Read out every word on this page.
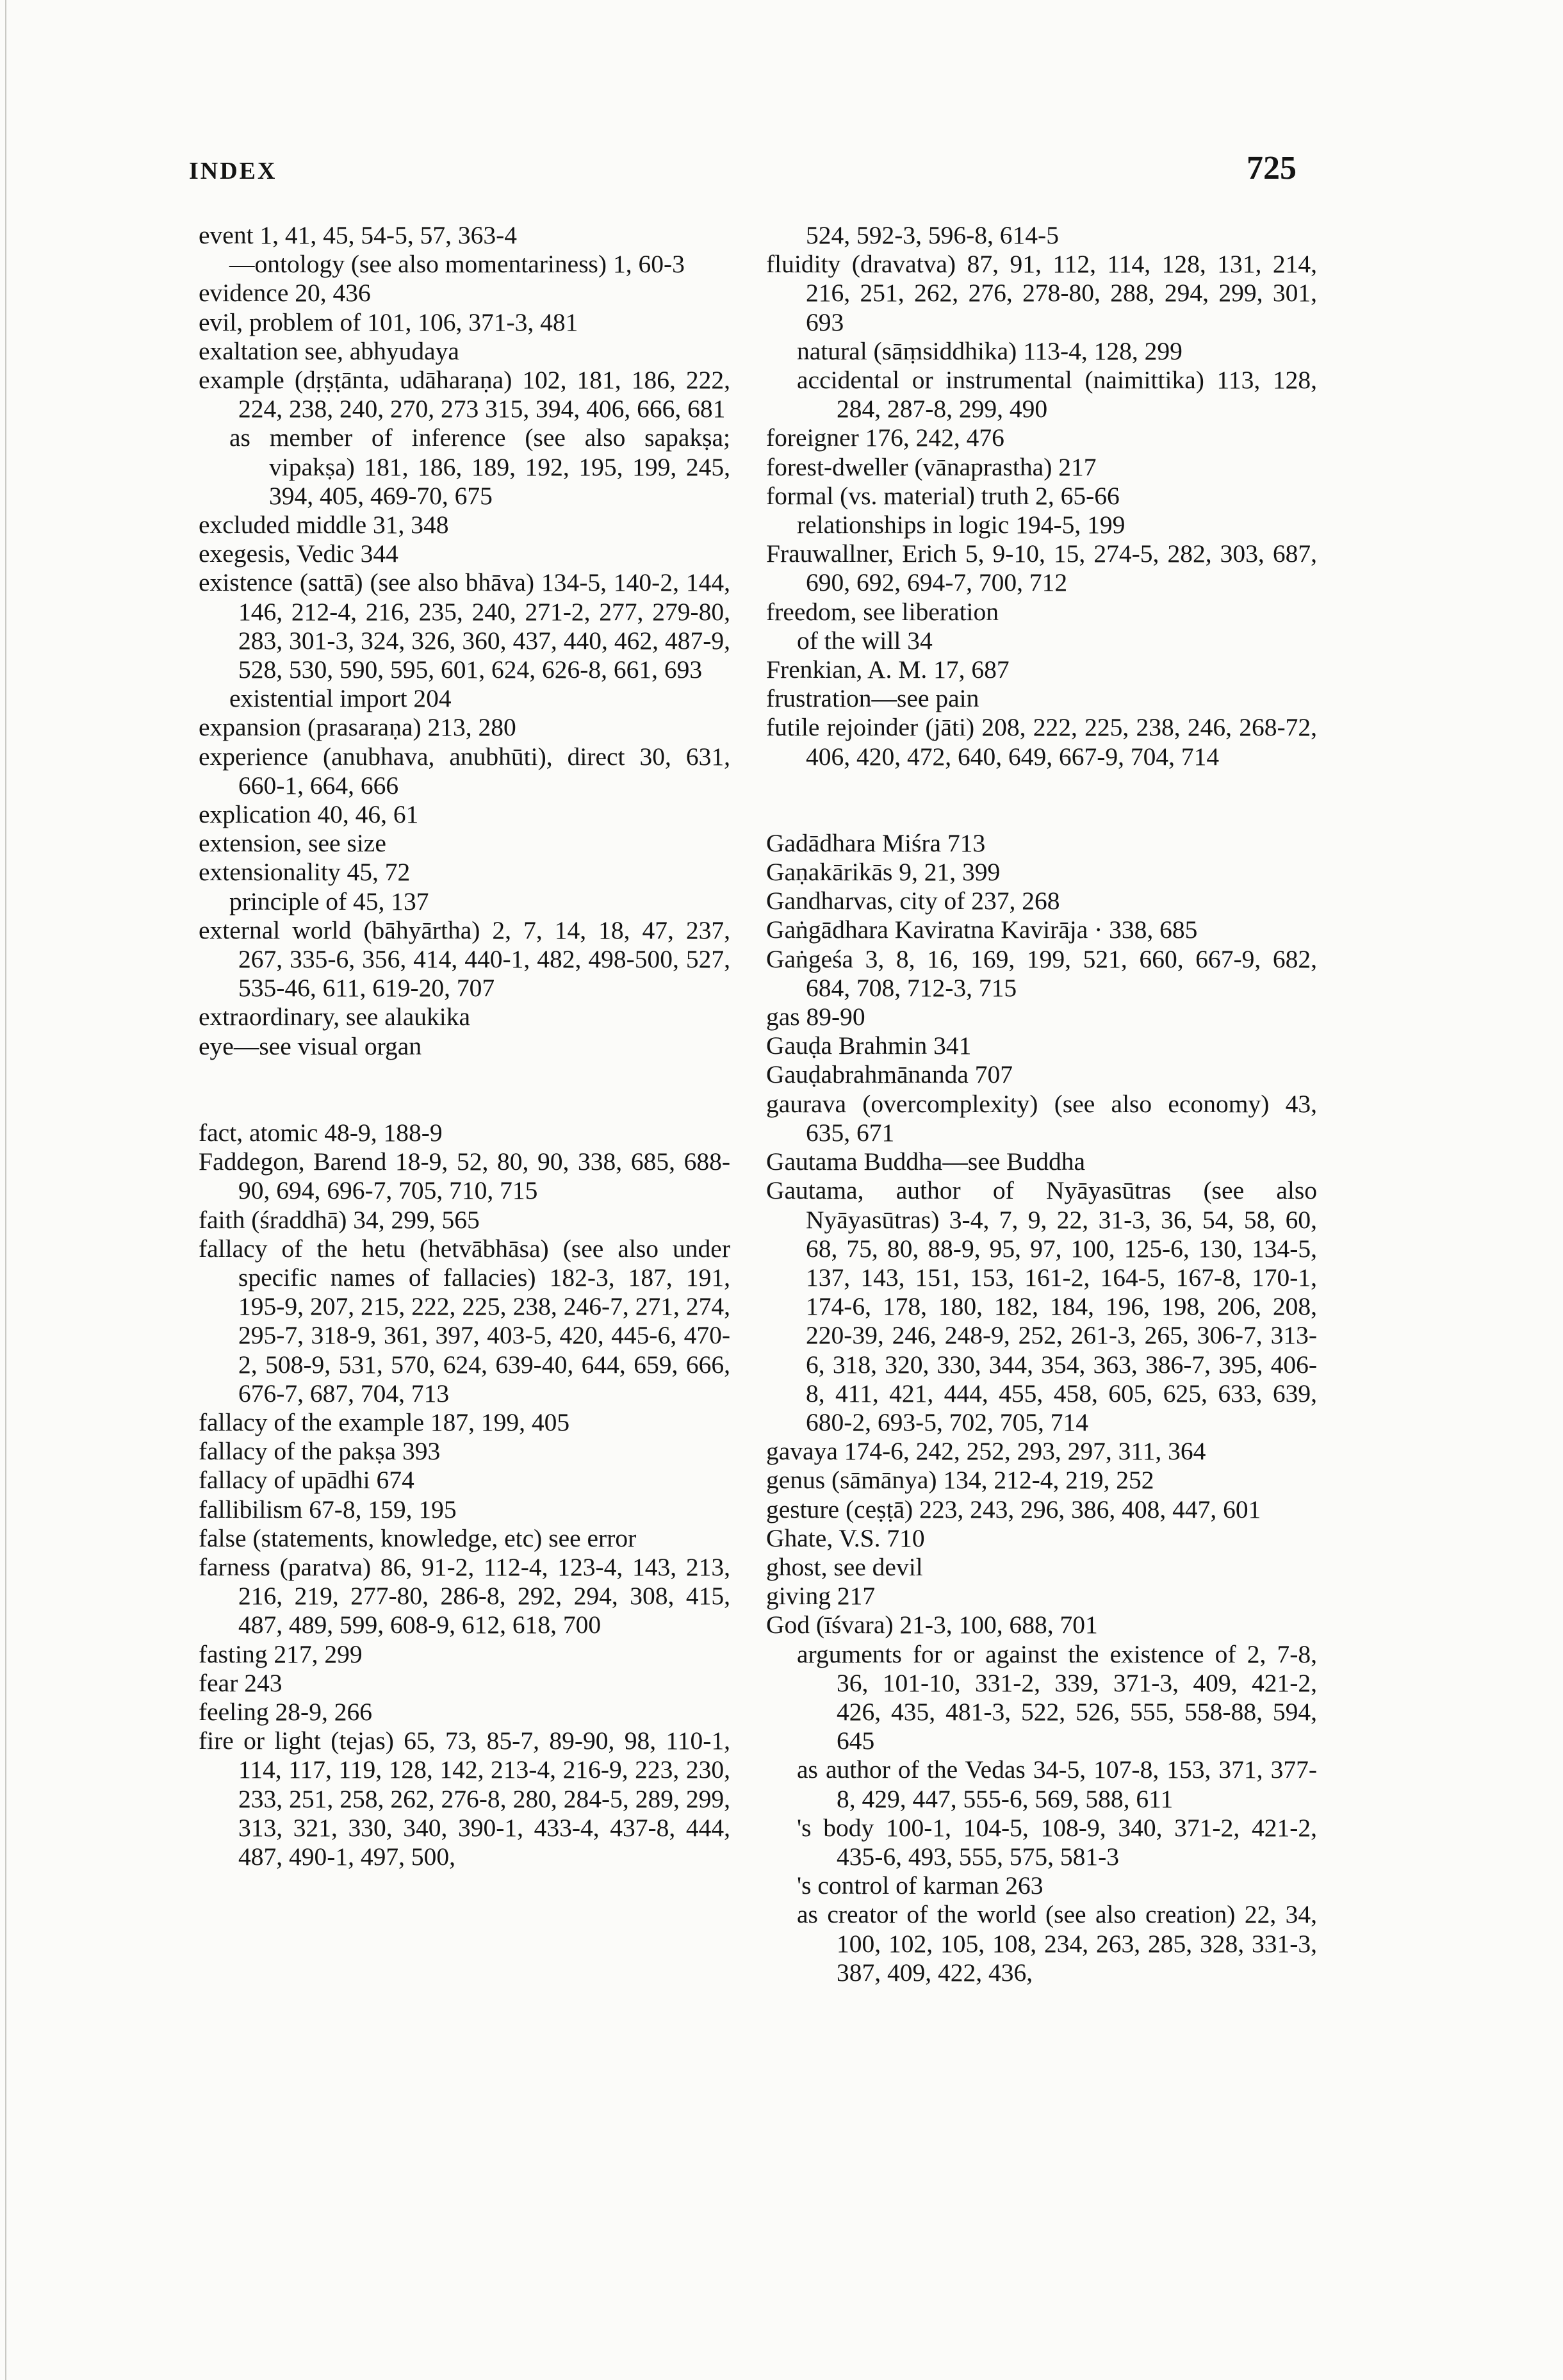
INDEX	725
event 1, 41, 45, 54-5, 57, 363-4
—ontology (see also momentariness) 1, 60-3
evidence 20, 436
evil, problem of 101, 106, 371-3, 481
exaltation see, abhyudaya
example (dṛṣṭānta, udāharaṇa) 102, 181, 186, 222, 224, 238, 240, 270, 273 315, 394, 406, 666, 681
as member of inference (see also sapakṣa; vipakṣa) 181, 186, 189, 192, 195, 199, 245, 394, 405, 469-70, 675
excluded middle 31, 348
exegesis, Vedic 344
existence (sattā) (see also bhāva) 134-5, 140-2, 144, 146, 212-4, 216, 235, 240, 271-2, 277, 279-80, 283, 301-3, 324, 326, 360, 437, 440, 462, 487-9, 528, 530, 590, 595, 601, 624, 626-8, 661, 693
existential import 204
expansion (prasaraṇa) 213, 280
experience (anubhava, anubhūti), direct 30, 631, 660-1, 664, 666
explication 40, 46, 61
extension, see size
extensionality 45, 72
principle of 45, 137
external world (bāhyārtha) 2, 7, 14, 18, 47, 237, 267, 335-6, 356, 414, 440-1, 482, 498-500, 527, 535-46, 611, 619-20, 707
extraordinary, see alaukika
eye—see visual organ
fact, atomic 48-9, 188-9
Faddegon, Barend 18-9, 52, 80, 90, 338, 685, 688-90, 694, 696-7, 705, 710, 715
faith (śraddhā) 34, 299, 565
fallacy of the hetu (hetvābhāsa) (see also under specific names of fallacies) 182-3, 187, 191, 195-9, 207, 215, 222, 225, 238, 246-7, 271, 274, 295-7, 318-9, 361, 397, 403-5, 420, 445-6, 470-2, 508-9, 531, 570, 624, 639-40, 644, 659, 666, 676-7, 687, 704, 713
fallacy of the example 187, 199, 405
fallacy of the pakṣa 393
fallacy of upādhi 674
fallibilism 67-8, 159, 195
false (statements, knowledge, etc) see error
farness (paratva) 86, 91-2, 112-4, 123-4, 143, 213, 216, 219, 277-80, 286-8, 292, 294, 308, 415, 487, 489, 599, 608-9, 612, 618, 700
fasting 217, 299
fear 243
feeling 28-9, 266
fire or light (tejas) 65, 73, 85-7, 89-90, 98, 110-1, 114, 117, 119, 128, 142, 213-4, 216-9, 223, 230, 233, 251, 258, 262, 276-8, 280, 284-5, 289, 299, 313, 321, 330, 340, 390-1, 433-4, 437-8, 444, 487, 490-1, 497, 500,
524, 592-3, 596-8, 614-5
fluidity (dravatva) 87, 91, 112, 114, 128, 131, 214, 216, 251, 262, 276, 278-80, 288, 294, 299, 301, 693
natural (sāṃsiddhika) 113-4, 128, 299
accidental or instrumental (naimittika) 113, 128, 284, 287-8, 299, 490
foreigner 176, 242, 476
forest-dweller (vānaprastha) 217
formal (vs. material) truth 2, 65-66
relationships in logic 194-5, 199
Frauwallner, Erich 5, 9-10, 15, 274-5, 282, 303, 687, 690, 692, 694-7, 700, 712
freedom, see liberation
of the will 34
Frenkian, A. M. 17, 687
frustration—see pain
futile rejoinder (jāti) 208, 222, 225, 238, 246, 268-72, 406, 420, 472, 640, 649, 667-9, 704, 714
Gadādhara Miśra 713
Gaṇakārikās 9, 21, 399
Gandharvas, city of 237, 268
Gaṅgādhara Kaviratna Kavirāja · 338, 685
Gaṅgeśa 3, 8, 16, 169, 199, 521, 660, 667-9, 682, 684, 708, 712-3, 715
gas 89-90
Gauḍa Brahmin 341
Gauḍabrahmānanda 707
gaurava (overcomplexity) (see also economy) 43, 635, 671
Gautama Buddha—see Buddha
Gautama, author of Nyāyasūtras (see also Nyāyasūtras) 3-4, 7, 9, 22, 31-3, 36, 54, 58, 60, 68, 75, 80, 88-9, 95, 97, 100, 125-6, 130, 134-5, 137, 143, 151, 153, 161-2, 164-5, 167-8, 170-1, 174-6, 178, 180, 182, 184, 196, 198, 206, 208, 220-39, 246, 248-9, 252, 261-3, 265, 306-7, 313-6, 318, 320, 330, 344, 354, 363, 386-7, 395, 406-8, 411, 421, 444, 455, 458, 605, 625, 633, 639, 680-2, 693-5, 702, 705, 714
gavaya 174-6, 242, 252, 293, 297, 311, 364
genus (sāmānya) 134, 212-4, 219, 252
gesture (ceṣṭā) 223, 243, 296, 386, 408, 447, 601
Ghate, V.S. 710
ghost, see devil
giving 217
God (īśvara) 21-3, 100, 688, 701
arguments for or against the existence of 2, 7-8, 36, 101-10, 331-2, 339, 371-3, 409, 421-2, 426, 435, 481-3, 522, 526, 555, 558-88, 594, 645
as author of the Vedas 34-5, 107-8, 153, 371, 377-8, 429, 447, 555-6, 569, 588, 611
's body 100-1, 104-5, 108-9, 340, 371-2, 421-2, 435-6, 493, 555, 575, 581-3
's control of karman 263
as creator of the world (see also creation) 22, 34, 100, 102, 105, 108, 234, 263, 285, 328, 331-3, 387, 409, 422, 436,
